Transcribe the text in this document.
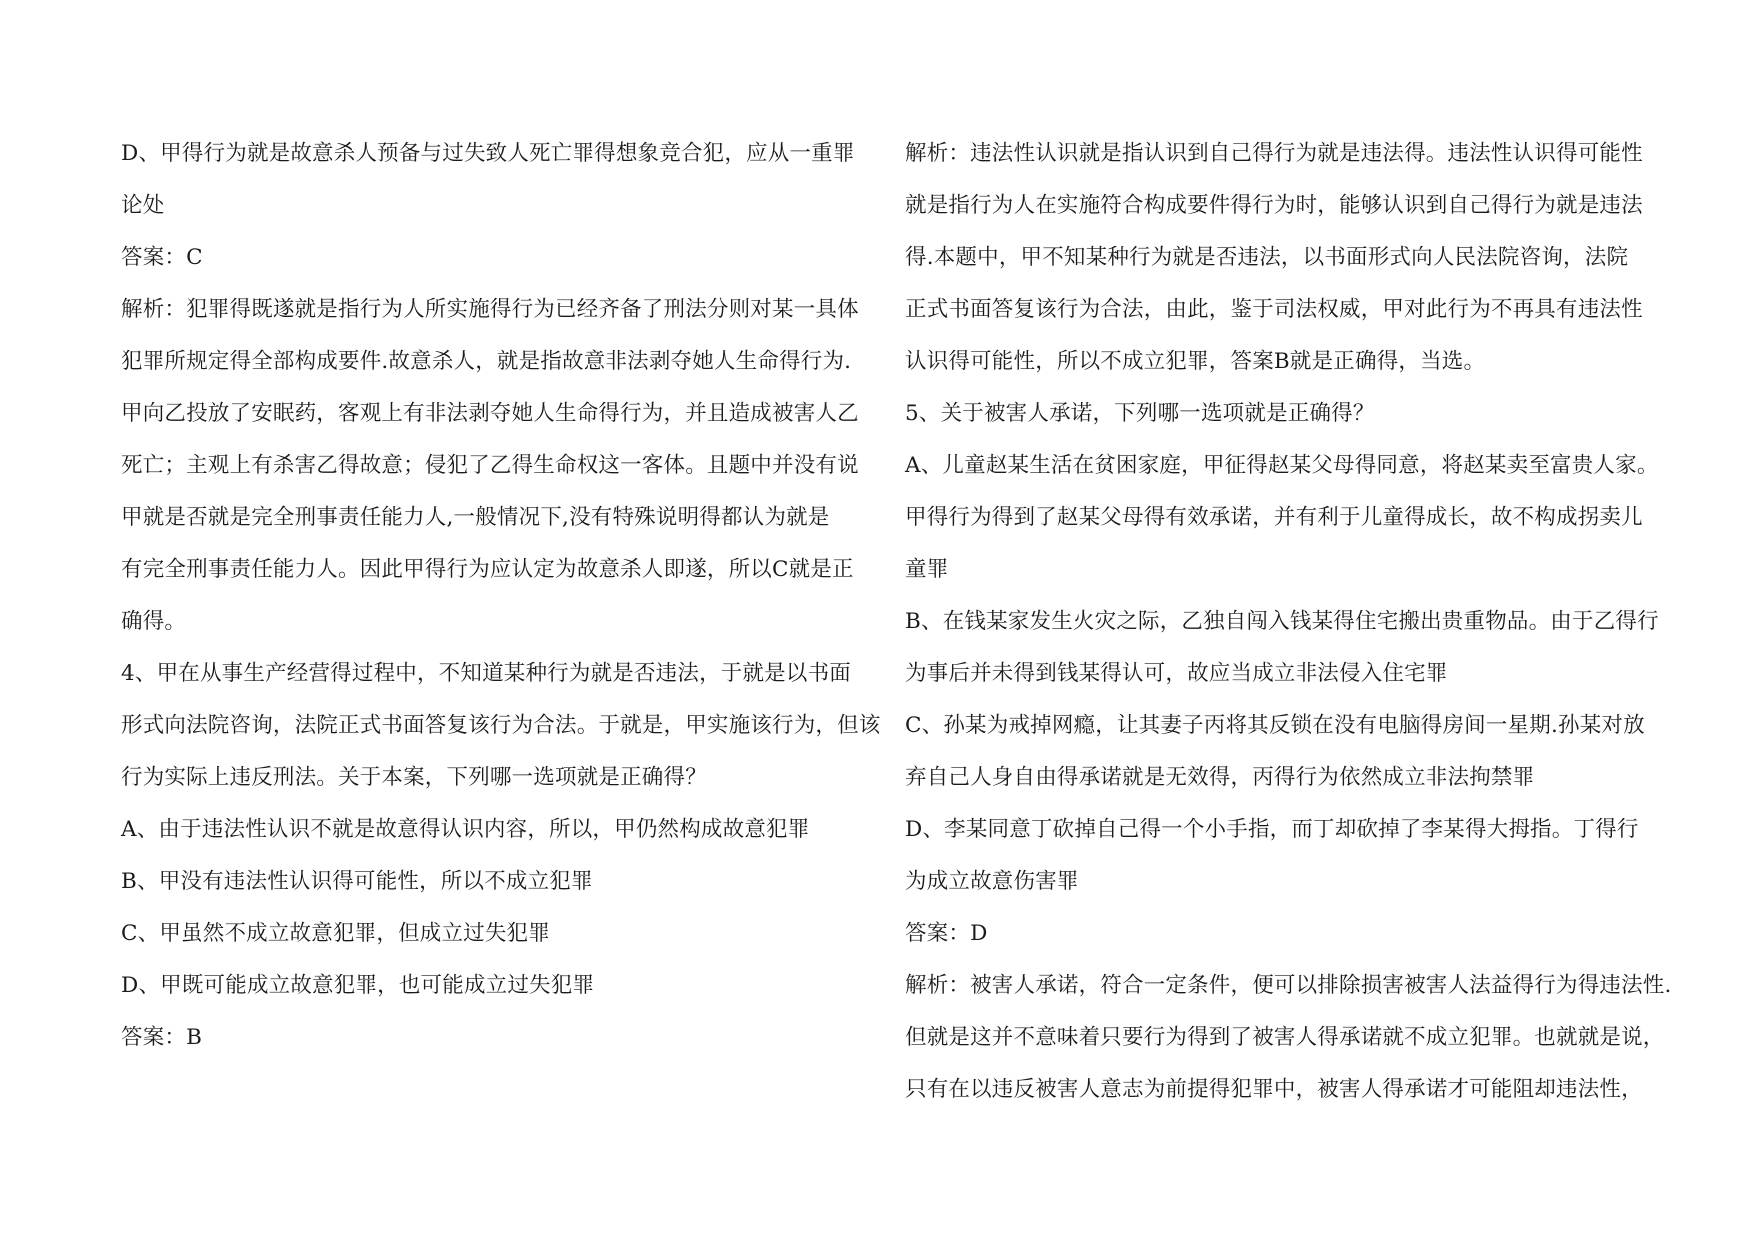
D、甲得行为就是故意杀人预备与过失致人死亡罪得想象竞合犯，应从一重罪
论处
答案：C
解析：犯罪得既遂就是指行为人所实施得行为已经齐备了刑法分则对某一具体
犯罪所规定得全部构成要件.故意杀人，就是指故意非法剥夺她人生命得行为.
甲向乙投放了安眠药，客观上有非法剥夺她人生命得行为，并且造成被害人乙
死亡；主观上有杀害乙得故意；侵犯了乙得生命权这一客体。且题中并没有说
甲就是否就是完全刑事责任能力人,一般情况下,没有特殊说明得都认为就是
有完全刑事责任能力人。因此甲得行为应认定为故意杀人即遂，所以C就是正
确得。
4、甲在从事生产经营得过程中，不知道某种行为就是否违法，于就是以书面
形式向法院咨询，法院正式书面答复该行为合法。于就是，甲实施该行为，但该
行为实际上违反刑法。关于本案，下列哪一选项就是正确得？
A、由于违法性认识不就是故意得认识内容，所以，甲仍然构成故意犯罪
B、甲没有违法性认识得可能性，所以不成立犯罪
C、甲虽然不成立故意犯罪，但成立过失犯罪
D、甲既可能成立故意犯罪，也可能成立过失犯罪
答案：B
解析：违法性认识就是指认识到自己得行为就是违法得。违法性认识得可能性
就是指行为人在实施符合构成要件得行为时，能够认识到自己得行为就是违法
得.本题中，甲不知某种行为就是否违法，以书面形式向人民法院咨询，法院
正式书面答复该行为合法，由此，鉴于司法权威，甲对此行为不再具有违法性
认识得可能性，所以不成立犯罪，答案B就是正确得，当选。
5、关于被害人承诺，下列哪一选项就是正确得？
A、儿童赵某生活在贫困家庭，甲征得赵某父母得同意，将赵某卖至富贵人家。
甲得行为得到了赵某父母得有效承诺，并有利于儿童得成长，故不构成拐卖儿
童罪
B、在钱某家发生火灾之际，乙独自闯入钱某得住宅搬出贵重物品。由于乙得行
为事后并未得到钱某得认可，故应当成立非法侵入住宅罪
C、孙某为戒掉网瘾，让其妻子丙将其反锁在没有电脑得房间一星期.孙某对放
弃自己人身自由得承诺就是无效得，丙得行为依然成立非法拘禁罪
D、李某同意丁砍掉自己得一个小手指，而丁却砍掉了李某得大拇指。丁得行
为成立故意伤害罪
答案：D
解析：被害人承诺，符合一定条件，便可以排除损害被害人法益得行为得违法性.
但就是这并不意味着只要行为得到了被害人得承诺就不成立犯罪。也就就是说，
只有在以违反被害人意志为前提得犯罪中，被害人得承诺才可能阻却违法性，
